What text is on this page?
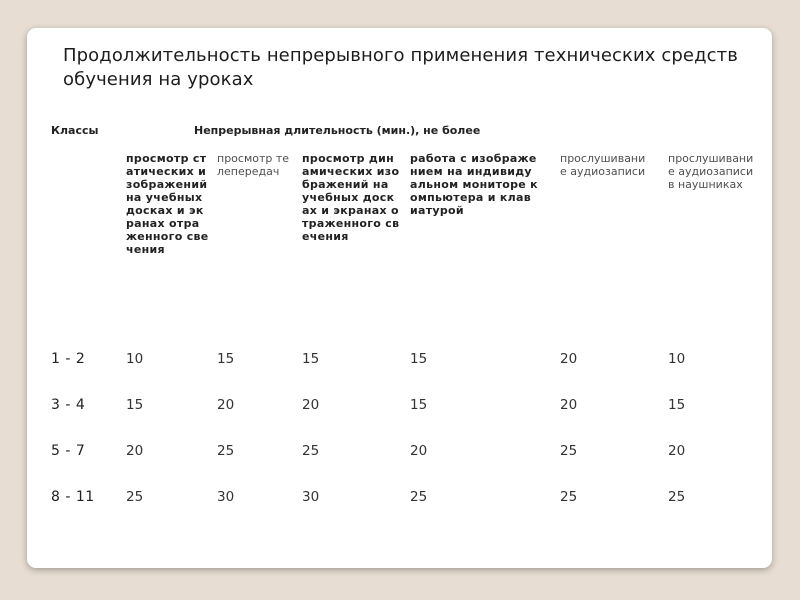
Продолжительность непрерывного применения технических средств обучения на уроках
Классы	Непрерывная длительность (мин.), не более					

	просмотр статических изображений на учебных досках и экранах отраженного свечения	просмотр телепередач	просмотр динамических изображений на учебных досках и экранах отраженного свечения	работа с изображением на индивидуальном мониторе компьютера и клавиатурой	прослушивание аудиозаписи	прослушивание аудиозаписи в наушниках

1 - 2	10	15	15	15	20	10
3 - 4	15	20	20	15	20	15
5 - 7	20	25	25	20	25	20
8 - 11	25	30	30	25	25	25
